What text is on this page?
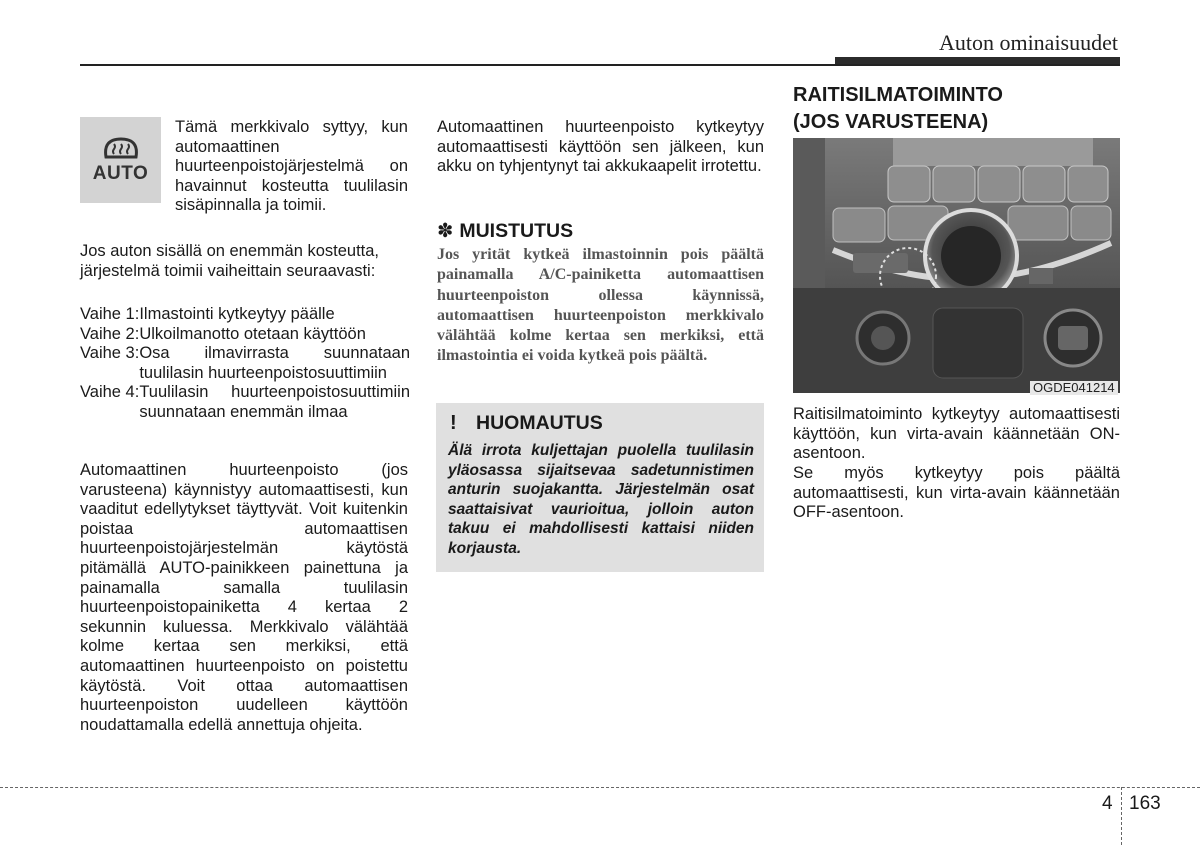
Auton ominaisuudet
AUTO
Tämä merkkivalo syttyy, kun automaattinen huurteenpoistojärjestelmä on havainnut kosteutta tuulilasin sisäpinnalla ja toimii.
Jos auton sisällä on enemmän kosteutta, järjestelmä toimii vaiheittain seuraavasti:
Vaihe 1: Ilmastointi kytkeytyy päälle
Vaihe 2: Ulkoilmanotto otetaan käyttöön
Vaihe 3: Osa ilmavirrasta suunnataan tuulilasin huurteenpoistosuuttimiin
Vaihe 4: Tuulilasin huurteenpoistosuuttimiin suunnataan enemmän ilmaa
Automaattinen huurteenpoisto (jos varusteena) käynnistyy automaattisesti, kun vaaditut edellytykset täyttyvät. Voit kuitenkin poistaa automaattisen huurteenpoistojärjestelmän käytöstä pitämällä AUTO-painikkeen painettuna ja painamalla samalla tuulilasin huurteenpoistopainiketta 4 kertaa 2 sekunnin kuluessa. Merkkivalo välähtää kolme kertaa sen merkiksi, että automaattinen huurteenpoisto on poistettu käytöstä. Voit ottaa automaattisen huurteenpoiston uudelleen käyttöön noudattamalla edellä annettuja ohjeita.
Automaattinen huurteenpoisto kytkeytyy automaattisesti käyttöön sen jälkeen, kun akku on tyhjentynyt tai akkukaapelit irrotettu.
✽ MUISTUTUS
Jos yrität kytkeä ilmastoinnin pois päältä painamalla A/C-painiketta automaattisen huurteenpoiston ollessa käynnissä, automaattisen huurteenpoiston merkkivalo välähtää kolme kertaa sen merkiksi, että ilmastointia ei voida kytkeä pois päältä.
! HUOMAUTUS
Älä irrota kuljettajan puolella tuulilasin yläosassa sijaitsevaa sadetunnistimen anturin suojakantta. Järjestelmän osat saattaisivat vaurioitua, jolloin auton takuu ei mahdollisesti kattaisi niiden korjausta.
RAITISILMATOIMINTO
(JOS VARUSTEENA)
OGDE041214
Raitisilmatoiminto kytkeytyy automaattisesti käyttöön, kun virta-avain käännetään ON-asentoon.
Se myös kytkeytyy pois päältä automaattisesti, kun virta-avain käännetään OFF-asentoon.
4 163
